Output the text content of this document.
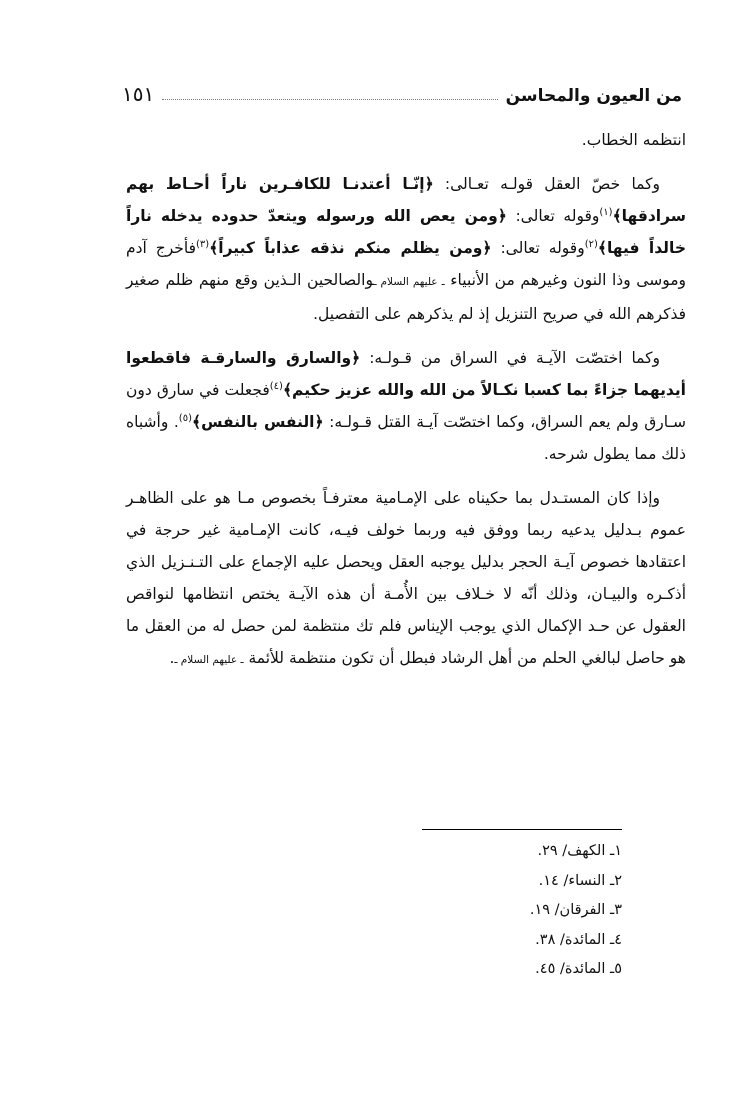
من العيون والمحاسن
١٥١

انتظمه الخطاب.

وكما خصّ العقل قولـه تعـالى: ﴿إنّـا أعتدنـا للكافـرين ناراً أحـاط بهم سرادقها﴾$^{(١)}$وقوله تعالى: ﴿ومن يعص الله ورسوله ويتعدّ حدوده يدخله ناراً خالداً فيها﴾$^{(٢)}$وقوله تعالى: ﴿ومن يظلم منكم نذقه عذاباً كبيراً﴾$^{(٣)}$فأخرج آدم وموسى وذا النون وغيرهم من الأنبياء ـ عليهم السلام ـوالصالحين الـذين وقع منهم ظلم صغير فذكرهم الله في صريح التنزيل إذ لم يذكرهم على التفصيل.

وكما اختصّت الآيـة في السراق من قـولـه: ﴿والسارق والسارقـة فاقطعوا أيديهما جزاءً بما كسبا نكـالاً من الله والله عزيز حكيم﴾$^{(٤)}$فجعلت في سارق دون سـارق ولم يعم السراق، وكما اختصّت آيـة القتل قـولـه: ﴿النفس بالنفس﴾$^{(٥)}$. وأشباه ذلك مما يطول شرحه.

وإذا كان المستـدل بما حكيناه على الإمـامية معترفـاً بخصوص مـا هو على الظاهـر عموم بـدليل يدعيه ربما ووفق فيه وربما خولف فيـه، كانت الإمـامية غير حرجة في اعتقادها خصوص آيـة الحجر بدليل يوجبه العقل ويحصل عليه الإجماع على التـنـزيل الذي أذكـره والبيـان، وذلك أنّه لا خـلاف بين الأُمـة أن هذه الآيـة يختص انتظامها لنواقص العقول عن حـد الإكمال الذي يوجب الإيناس فلم تك منتظمة لمن حصل له من العقل ما هو حاصل لبالغي الحلم من أهل الرشاد فبطل أن تكون منتظمة للأئمة ـ عليهم السلام ـ.

١ـ الكهف/ ٢٩.
٢ـ النساء/ ١٤.
٣ـ الفرقان/ ١٩.
٤ـ المائدة/ ٣٨.
٥ـ المائدة/ ٤٥.
